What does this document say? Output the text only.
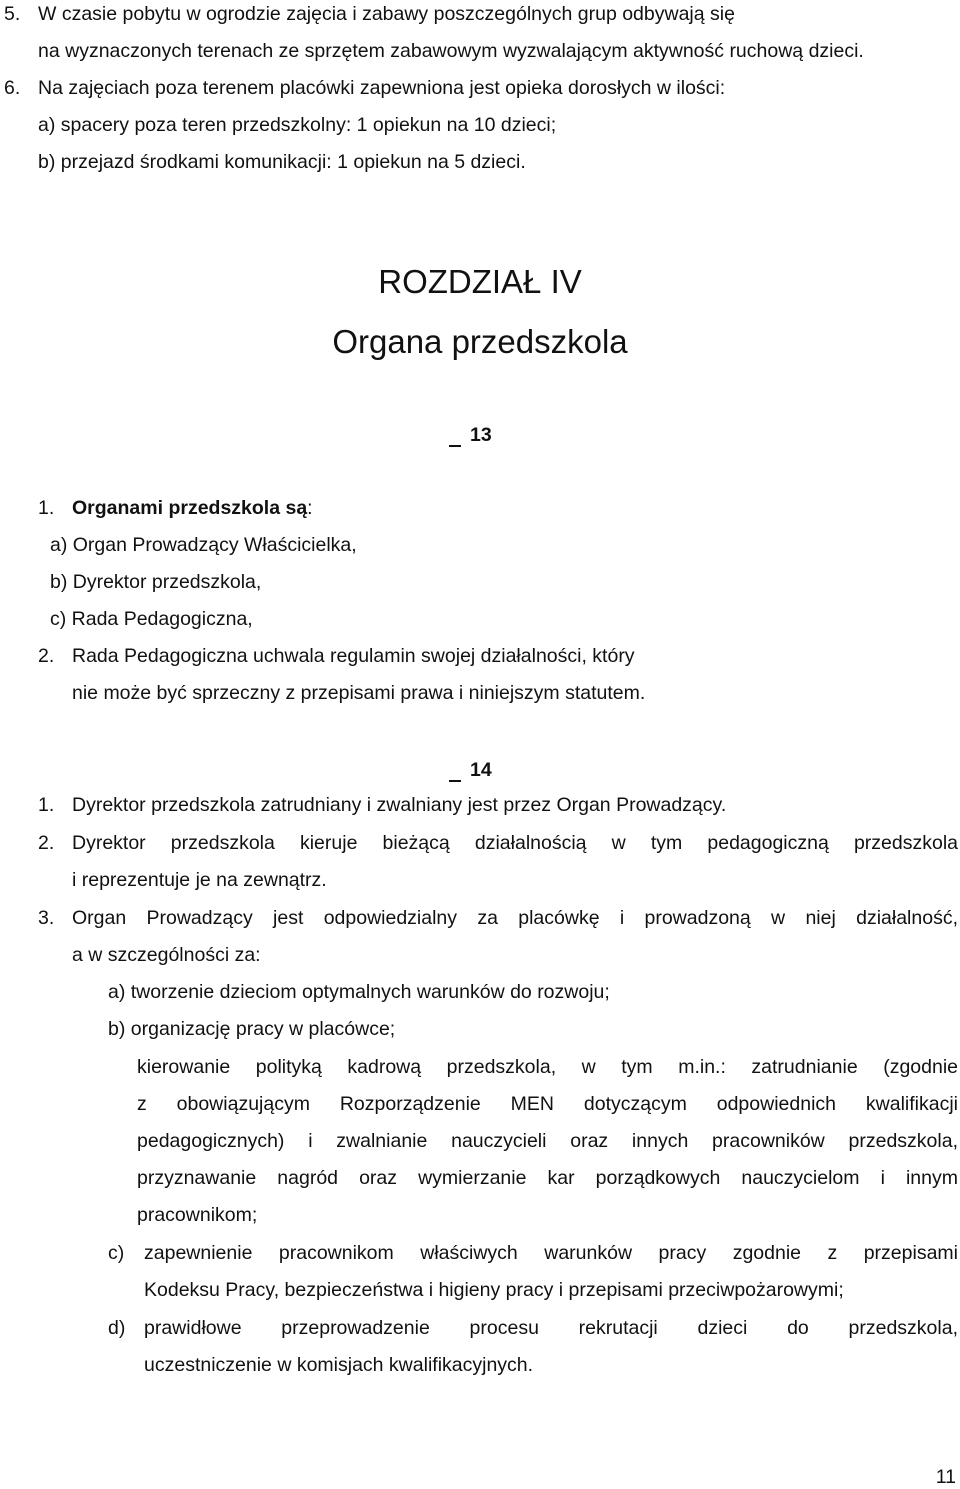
5. W czasie pobytu w ogrodzie zajęcia i zabawy poszczególnych grup odbywają się
na wyznaczonych terenach ze sprzętem zabawowym wyzwalającym aktywność ruchową dzieci.
6. Na zajęciach poza terenem placówki zapewniona jest opieka dorosłych w ilości:
a) spacery poza teren przedszkolny: 1 opiekun na 10 dzieci;
b) przejazd środkami komunikacji: 1 opiekun na 5 dzieci.
ROZDZIAŁ IV
Organa przedszkola
13
1. Organami przedszkola są:
a) Organ Prowadzący Właścicielka,
b) Dyrektor przedszkola,
c) Rada Pedagogiczna,
2. Rada Pedagogiczna uchwala regulamin swojej działalności, który
nie może być sprzeczny z przepisami prawa i niniejszym statutem.
14
1. Dyrektor przedszkola zatrudniany i zwalniany jest przez Organ Prowadzący.
2. Dyrektor przedszkola kieruje bieżącą działalnością w tym pedagogiczną przedszkola
i reprezentuje je na zewnątrz.
3. Organ Prowadzący jest odpowiedzialny za placówkę i prowadzoną w niej działalność,
a w szczególności za:
a) tworzenie dzieciom optymalnych warunków do rozwoju;
b) organizację pracy w placówce;
kierowanie polityką kadrową przedszkola, w tym m.in.: zatrudnianie (zgodnie
z obowiązującym Rozporządzenie MEN dotyczącym odpowiednich kwalifikacji
pedagogicznych) i zwalnianie nauczycieli oraz innych pracowników przedszkola,
przyznawanie nagród oraz wymierzanie kar porządkowych nauczycielom i innym
pracownikom;
c) zapewnienie pracownikom właściwych warunków pracy zgodnie z przepisami
Kodeksu Pracy, bezpieczeństwa i higieny pracy i przepisami przeciwpożarowymi;
d) prawidłowe przeprowadzenie procesu rekrutacji dzieci do przedszkola,
uczestniczenie w komisjach kwalifikacyjnych.
11
